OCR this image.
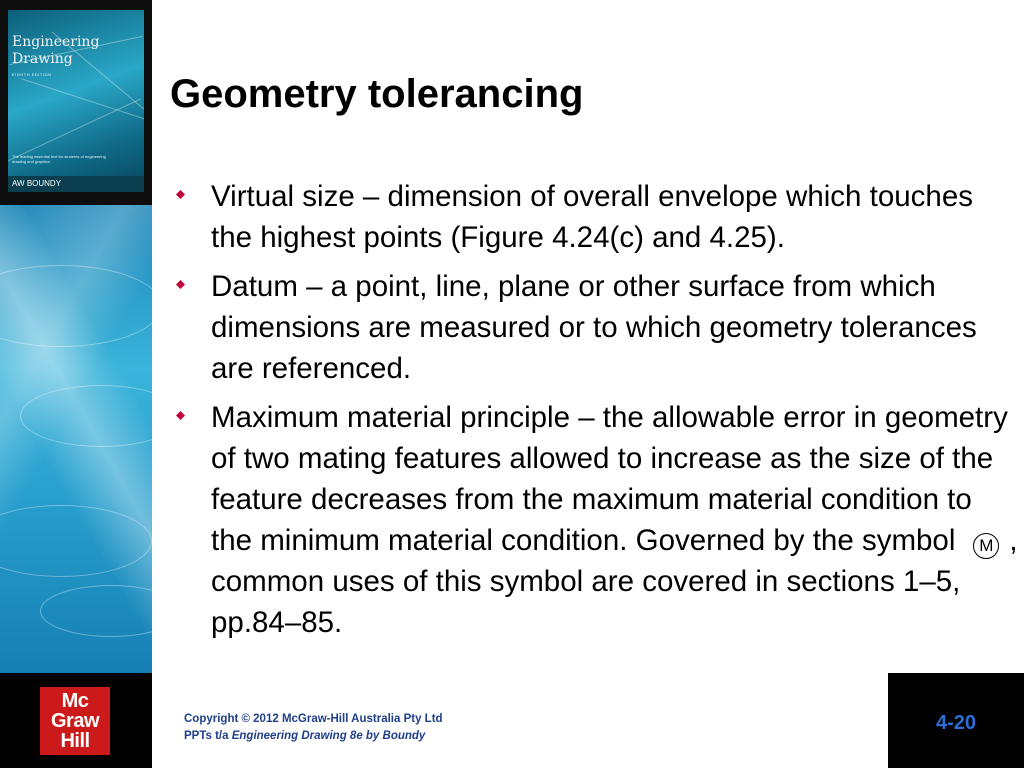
Engineering
Drawing
EIGHTH EDITION
The leading essential text for students of engineering drawing and graphics
AW BOUNDY
Mc
Graw
Hill
Geometry tolerancing
Virtual size – dimension of overall envelope which touches the highest points (Figure 4.24(c) and 4.25).
Datum – a point, line, plane or other surface from which dimensions are measured or to which geometry tolerances are referenced.
Maximum material principle – the allowable error in geometry of two mating features allowed to increase as the size of the feature decreases from the maximum material condition to the minimum material condition. Governed by the symbol M , common uses of this symbol are covered in sections 1–5, pp.84–85.
Copyright © 2012 McGraw-Hill Australia Pty Ltd
PPTs t/a Engineering Drawing 8e by Boundy
4-20
